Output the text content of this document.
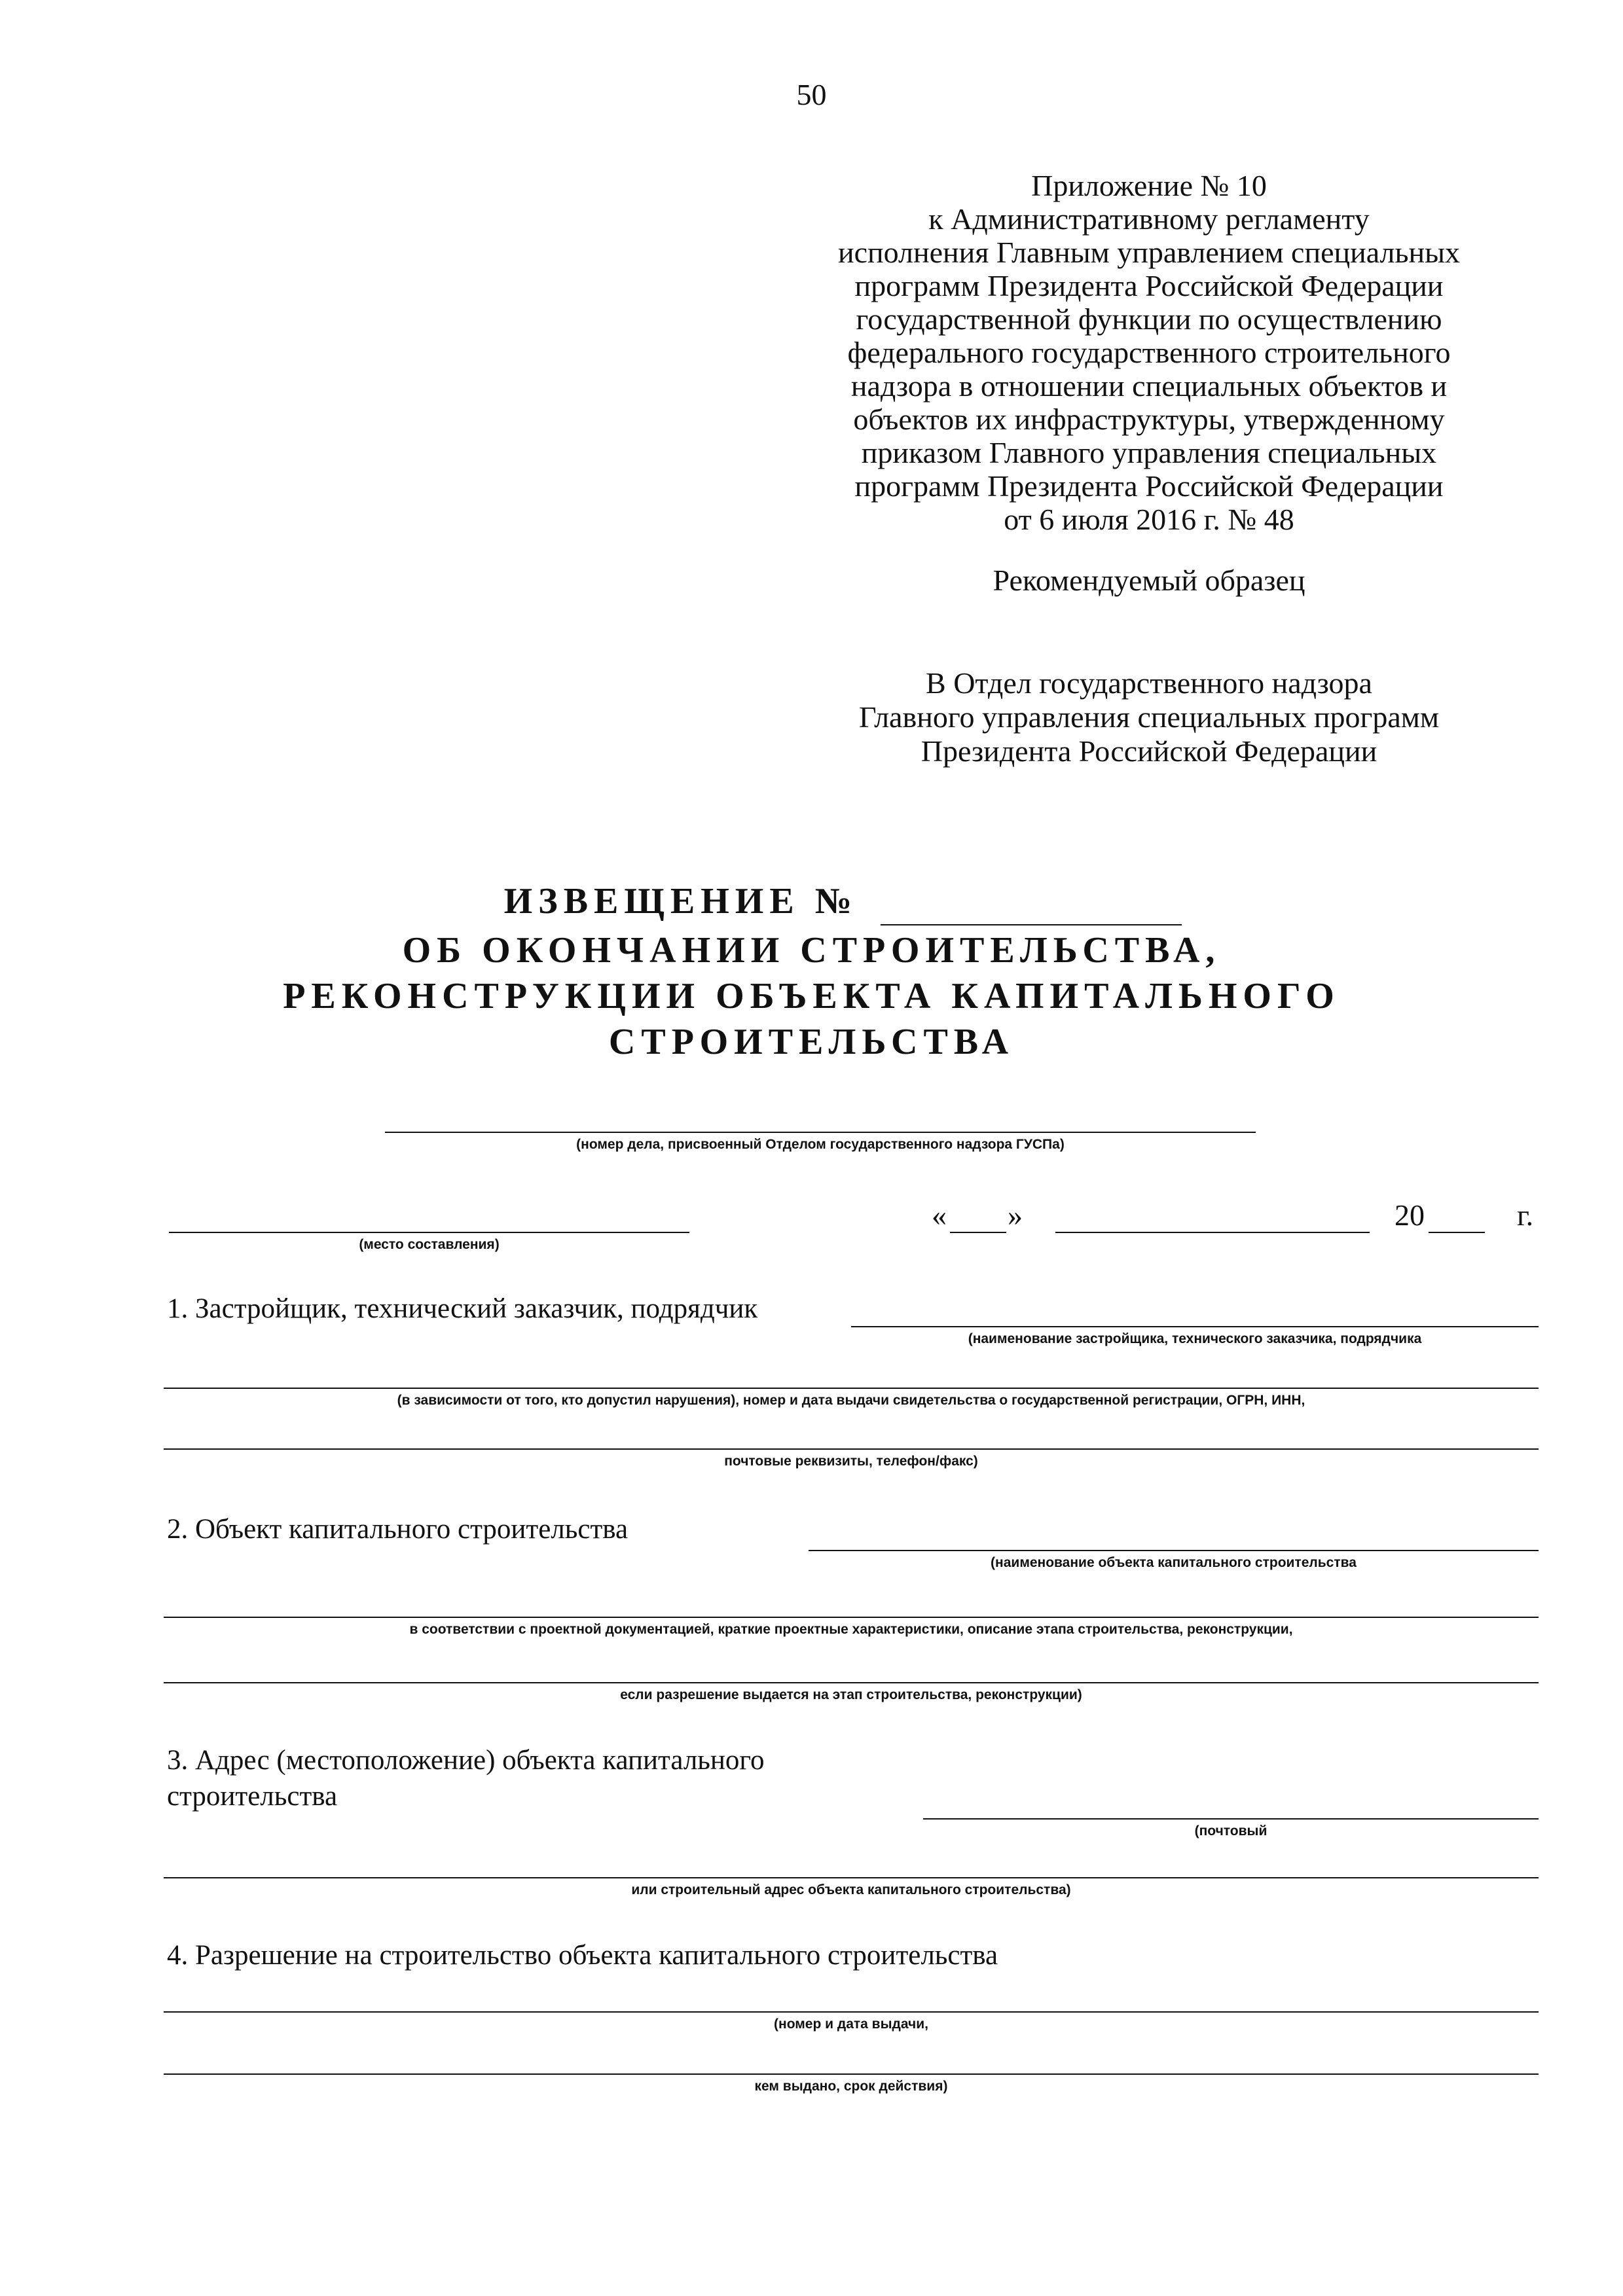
50
Приложение № 10
к Административному регламенту
исполнения Главным управлением специальных
программ Президента Российской Федерации
государственной функции по осуществлению
федерального государственного строительного
надзора в отношении специальных объектов и
объектов их инфраструктуры, утвержденному
приказом Главного управления специальных
программ Президента Российской Федерации
от 6 июля 2016 г. № 48
Рекомендуемый образец
В Отдел государственного надзора
Главного управления специальных программ
Президента Российской Федерации
ИЗВЕЩЕНИЕ №
ОБ ОКОНЧАНИИ СТРОИТЕЛЬСТВА,
РЕКОНСТРУКЦИИ ОБЪЕКТА КАПИТАЛЬНОГО
СТРОИТЕЛЬСТВА
(номер дела, присвоенный Отделом государственного надзора ГУСПа)
(место составления)
« »	20	г.
1. Застройщик, технический заказчик, подрядчик
(наименование застройщика, технического заказчика, подрядчика
(в зависимости от того, кто допустил нарушения), номер и дата выдачи свидетельства о государственной регистрации, ОГРН, ИНН,
почтовые реквизиты, телефон/факс)
2. Объект капитального строительства
(наименование объекта капитального строительства
в соответствии с проектной документацией, краткие проектные характеристики, описание этапа строительства, реконструкции,
если разрешение выдается на этап строительства, реконструкции)
3. Адрес (местоположение) объекта капитального
строительства
(почтовый
или строительный адрес объекта капитального строительства)
4. Разрешение на строительство объекта капитального строительства
(номер и дата выдачи,
кем выдано, срок действия)
